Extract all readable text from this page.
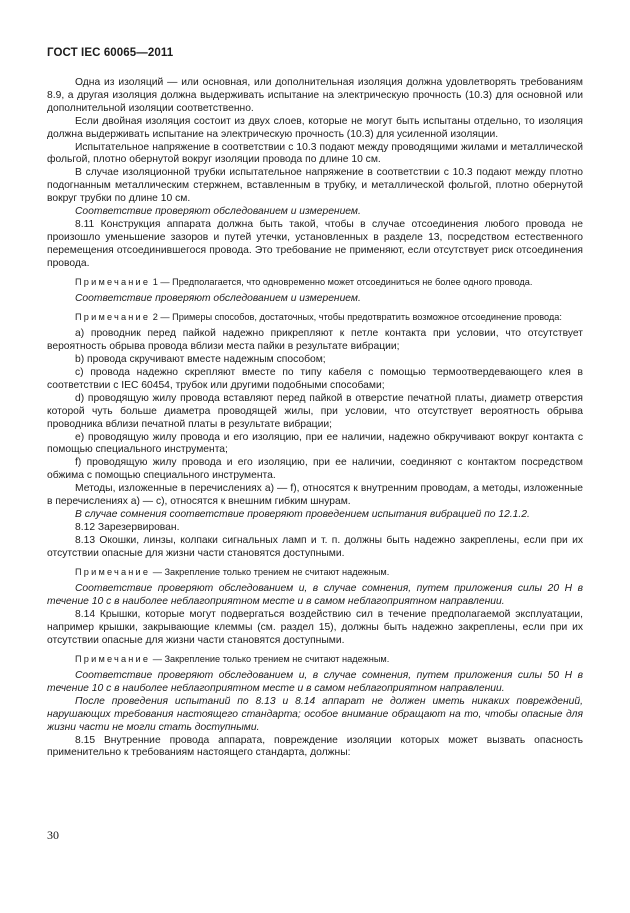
ГОСТ IEC 60065—2011

Одна из изоляций — или основная, или дополнительная изоляция должна удовлетворять требованиям 8.9, а другая изоляция должна выдерживать испытание на электрическую прочность (10.3) для основной или дополнительной изоляции соответственно.

Если двойная изоляция состоит из двух слоев, которые не могут быть испытаны отдельно, то изоляция должна выдерживать испытание на электрическую прочность (10.3) для усиленной изоляции.

Испытательное напряжение в соответствии с 10.3 подают между проводящими жилами и металлической фольгой, плотно обернутой вокруг изоляции провода по длине 10 см.

В случае изоляционной трубки испытательное напряжение в соответствии с 10.3 подают между плотно подогнанным металлическим стержнем, вставленным в трубку, и металлической фольгой, плотно обернутой вокруг трубки по длине 10 см.

Соответствие проверяют обследованием и измерением.

8.11 Конструкция аппарата должна быть такой, чтобы в случае отсоединения любого провода не произошло уменьшение зазоров и путей утечки, установленных в разделе 13, посредством естественного перемещения отсоединившегося провода. Это требование не применяют, если отсутствует риск отсоединения провода.

Примечание 1 — Предполагается, что одновременно может отсоединиться не более одного провода.

Соответствие проверяют обследованием и измерением.

Примечание 2 — Примеры способов, достаточных, чтобы предотвратить возможное отсоединение провода:

a) проводник перед пайкой надежно прикрепляют к петле контакта при условии, что отсутствует вероятность обрыва провода вблизи места пайки в результате вибрации;

b) провода скручивают вместе надежным способом;

c) провода надежно скрепляют вместе по типу кабеля с помощью термоотвердевающего клея в соответствии с IEC 60454, трубок или другими подобными способами;

d) проводящую жилу провода вставляют перед пайкой в отверстие печатной платы, диаметр отверстия которой чуть больше диаметра проводящей жилы, при условии, что отсутствует вероятность обрыва проводника вблизи печатной платы в результате вибрации;

e) проводящую жилу провода и его изоляцию, при ее наличии, надежно обкручивают вокруг контакта с помощью специального инструмента;

f) проводящую жилу провода и его изоляцию, при ее наличии, соединяют с контактом посредством обжима с помощью специального инструмента.

Методы, изложенные в перечислениях a) — f), относятся к внутренним проводам, а методы, изложенные в перечислениях a) — c), относятся к внешним гибким шнурам.

В случае сомнения соответствие проверяют проведением испытания вибрацией по 12.1.2.

8.12 Зарезервирован.

8.13 Окошки, линзы, колпаки сигнальных ламп и т. п. должны быть надежно закреплены, если при их отсутствии опасные для жизни части становятся доступными.

Примечание — Закрепление только трением не считают надежным.

Соответствие проверяют обследованием и, в случае сомнения, путем приложения силы 20 Н в течение 10 с в наиболее неблагоприятном месте и в самом неблагоприятном направлении.

8.14 Крышки, которые могут подвергаться воздействию сил в течение предполагаемой эксплуатации, например крышки, закрывающие клеммы (см. раздел 15), должны быть надежно закреплены, если при их отсутствии опасные для жизни части становятся доступными.

Примечание — Закрепление только трением не считают надежным.

Соответствие проверяют обследованием и, в случае сомнения, путем приложения силы 50 Н в течение 10 с в наиболее неблагоприятном месте и в самом неблагоприятном направлении.

После проведения испытаний по 8.13 и 8.14 аппарат не должен иметь никаких повреждений, нарушающих требования настоящего стандарта; особое внимание обращают на то, чтобы опасные для жизни части не могли стать доступными.

8.15 Внутренние провода аппарата, повреждение изоляции которых может вызвать опасность применительно к требованиям настоящего стандарта, должны:

30
